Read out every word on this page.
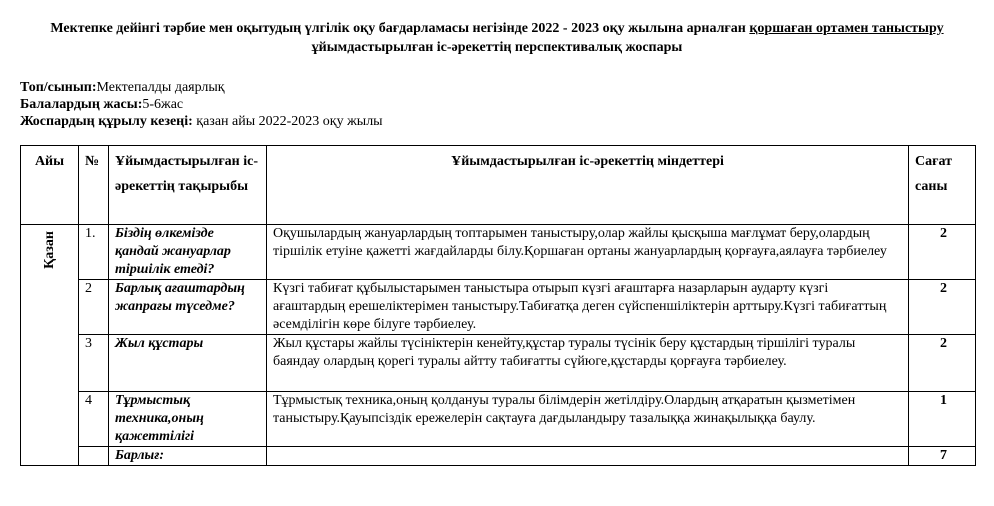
Мектепке дейінгі тәрбие мен оқытудың үлгілік оқу бағдарламасы негізінде 2022 - 2023 оқу жылына арналған қоршаған ортамен таныстыру ұйымдастырылған іс-әрекеттің перспективалық жоспары
Топ/сынып:Мектепалды даярлық
Балалардың жасы:5-6жас
Жоспардың құрылу кезеңі: қазан айы 2022-2023 оқу жылы
Айы	№	Ұйымдастырылған іс-әрекеттің тақырыбы	Ұйымдастырылған іс-әрекеттің міндеттері	Сағат саны
Қазан	1.	Біздің өлкемізде қандай жануарлар тіршілік етеді?	Оқушылардың жануарлардың топтарымен таныстыру,олар жайлы қысқыша мағлұмат беру,олардың тіршілік етуіне қажетті жағдайларды білу.Қоршаған ортаны жануарлардың қорғауға,аялауға тәрбиелеу	2
	2	Барлық ағаштардың жапрағы түседме?	Күзгі табиғат құбылыстарымен таныстыра отырып күзгі ағаштарға назарларын аударту күзгі ағаштардың ерешеліктерімен таныстыру.Табиғатқа деген сүйспеншіліктерін арттыру.Күзгі табиғаттың әсемділігін көре білуге тәрбиелеу.	2
	3	Жыл құстары	Жыл құстары жайлы түсініктерін кенейту,құстар туралы түсінік беру құстардың тіршілігі туралы баяндау олардың қорегі туралы айтту табиғатты сүйюге,құстарды қорғауға тәрбиелеу.	2
	4	Тұрмыстық техника,оның қажеттілігі	Тұрмыстық техника,оның қолдануы туралы білімдерін жетілдіру.Олардың атқаратын қызметімен таныстыру.Қауыпсіздік ережелерін сақтауға дағдыландыру тазалыққа жинақылыққа баулу.	1
		Барлығ:		7
